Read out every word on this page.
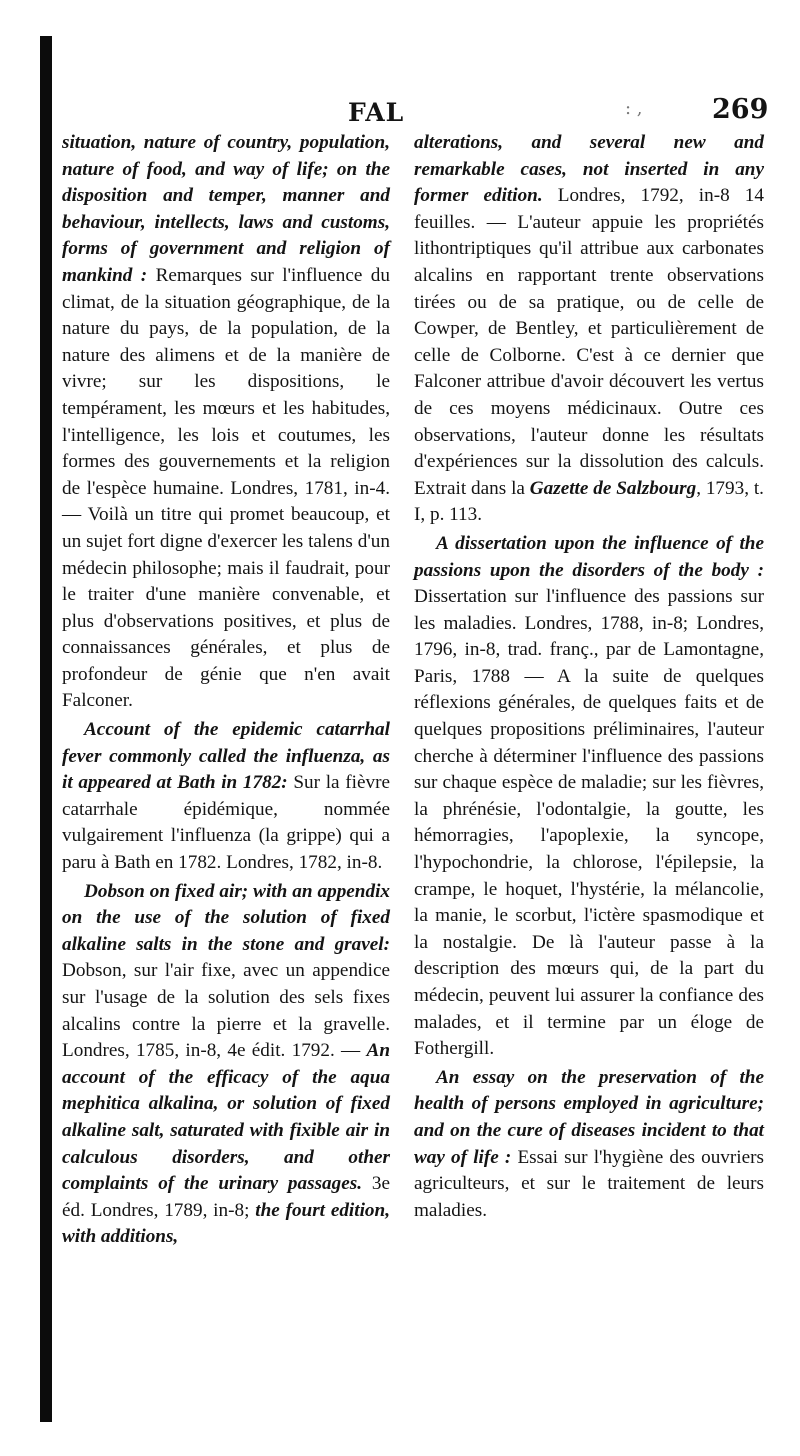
FAL	: ,	269

situation, nature of country, population, nature of food, and way of life; on the disposition and temper, manner and behaviour, intellects, laws and customs, forms of government and religion of mankind : Remarques sur l'influence du climat, de la situation géographique, de la nature du pays, de la population, de la nature des alimens et de la manière de vivre; sur les dispositions, le tempérament, les mœurs et les habitudes, l'intelligence, les lois et coutumes, les formes des gouvernements et la religion de l'espèce humaine. Londres, 1781, in-4. — Voilà un titre qui promet beaucoup, et un sujet fort digne d'exercer les talens d'un médecin philosophe; mais il faudrait, pour le traiter d'une manière convenable, et plus d'observations positives, et plus de connaissances générales, et plus de profondeur de génie que n'en avait Falconer.

Account of the epidemic catarrhal fever commonly called the influenza, as it appeared at Bath in 1782: Sur la fièvre catarrhale épidémique, nommée vulgairement l'influenza (la grippe) qui a paru à Bath en 1782. Londres, 1782, in-8.

Dobson on fixed air; with an appendix on the use of the solution of fixed alkaline salts in the stone and gravel: Dobson, sur l'air fixe, avec un appendice sur l'usage de la solution des sels fixes alcalins contre la pierre et la gravelle. Londres, 1785, in-8, 4e édit. 1792. — An account of the efficacy of the aqua mephitica alkalina, or solution of fixed alkaline salt, saturated with fixible air in calculous disorders, and other complaints of the urinary passages. 3e éd. Londres, 1789, in-8; the fourt edition, with additions,

alterations, and several new and remarkable cases, not inserted in any former edition. Londres, 1792, in-8 14 feuilles. — L'auteur appuie les propriétés lithontriptiques qu'il attribue aux carbonates alcalins en rapportant trente observations tirées ou de sa pratique, ou de celle de Cowper, de Bentley, et particulièrement de celle de Colborne. C'est à ce dernier que Falconer attribue d'avoir découvert les vertus de ces moyens médicinaux. Outre ces observations, l'auteur donne les résultats d'expériences sur la dissolution des calculs. Extrait dans la Gazette de Salzbourg, 1793, t. I, p. 113.

A dissertation upon the influence of the passions upon the disorders of the body : Dissertation sur l'influence des passions sur les maladies. Londres, 1788, in-8; Londres, 1796, in-8, trad. franç., par de Lamontagne, Paris, 1788 — A la suite de quelques réflexions générales, de quelques faits et de quelques propositions préliminaires, l'auteur cherche à déterminer l'influence des passions sur chaque espèce de maladie; sur les fièvres, la phrénésie, l'odontalgie, la goutte, les hémorragies, l'apoplexie, la syncope, l'hypochondrie, la chlorose, l'épilepsie, la crampe, le hoquet, l'hystérie, la mélancolie, la manie, le scorbut, l'ictère spasmodique et la nostalgie. De là l'auteur passe à la description des mœurs qui, de la part du médecin, peuvent lui assurer la confiance des malades, et il termine par un éloge de Fothergill.

An essay on the preservation of the health of persons employed in agriculture; and on the cure of diseases incident to that way of life : Essai sur l'hygiène des ouvriers agriculteurs, et sur le traitement de leurs maladies.
